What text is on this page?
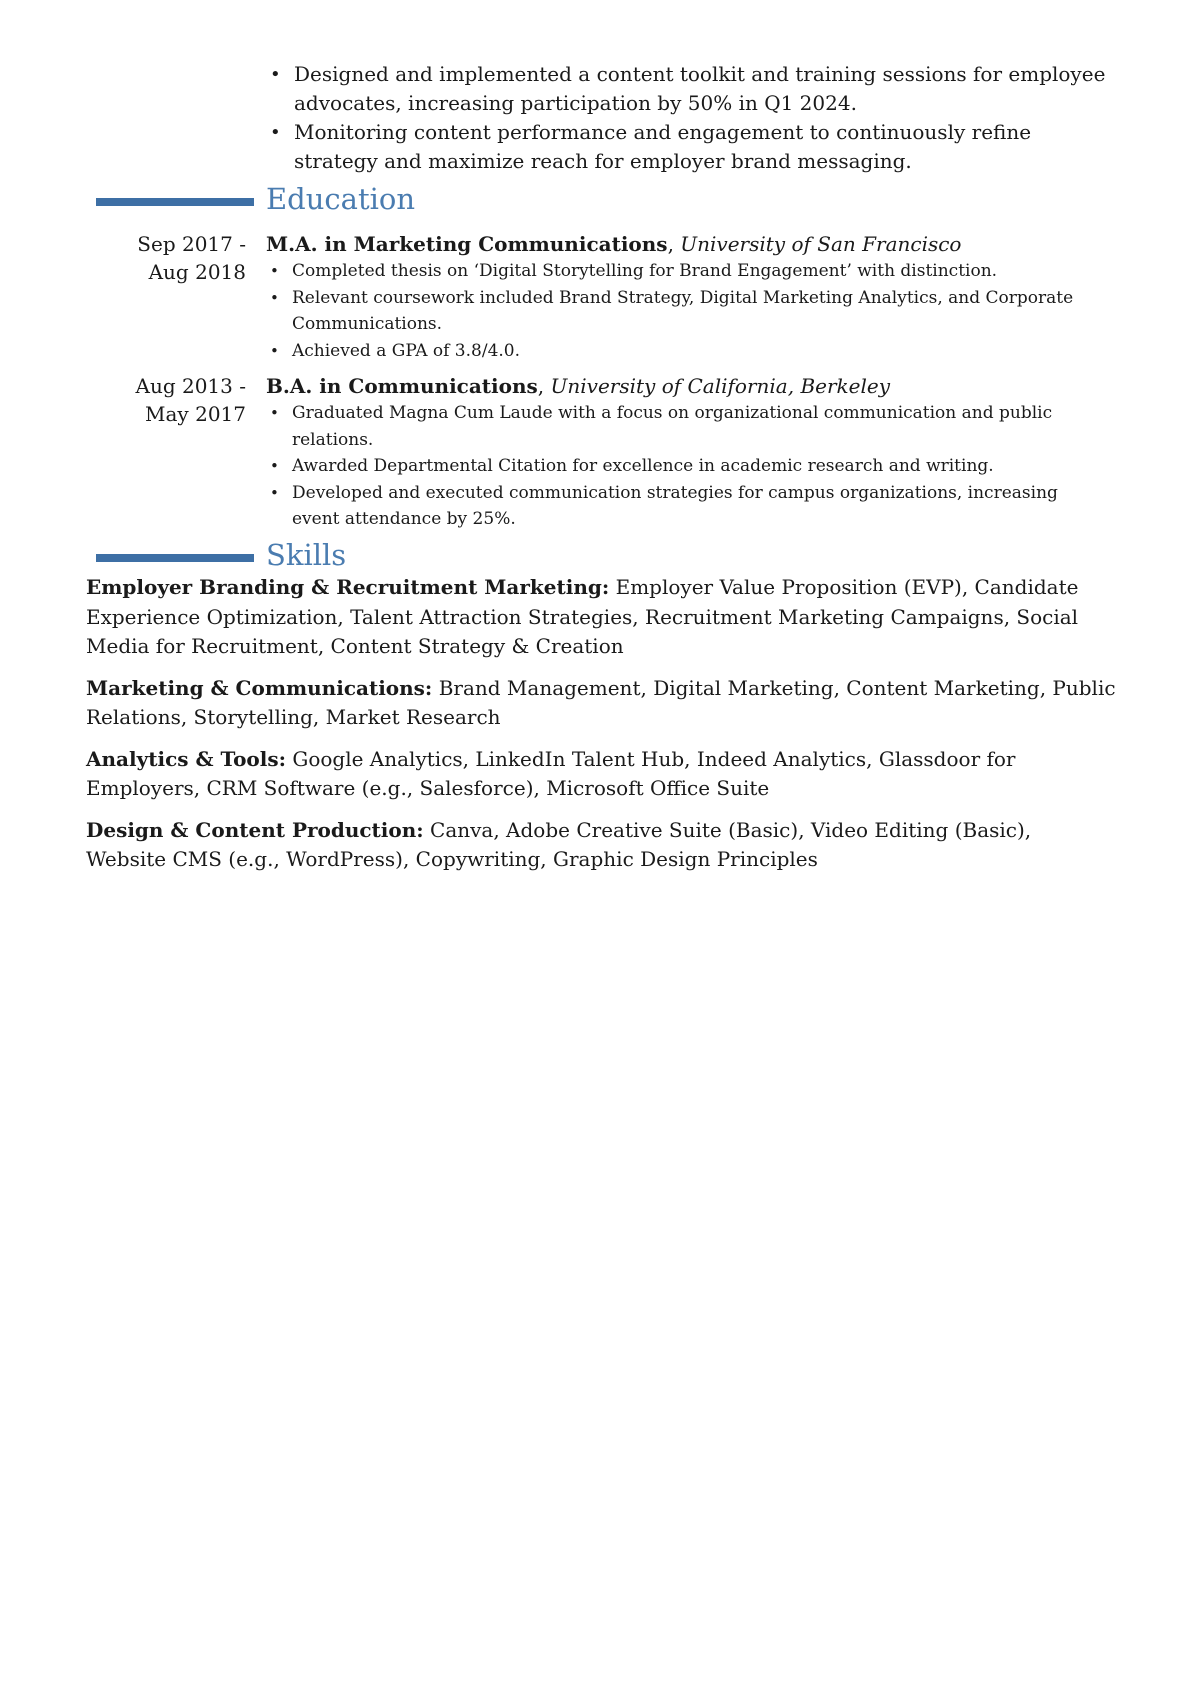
• Designed and implemented a content toolkit and training sessions for employee advocates, increasing participation by 50% in Q1 2024.
• Monitoring content performance and engagement to continuously refine strategy and maximize reach for employer brand messaging.
Education
Sep 2017 -
Aug 2018
M.A. in Marketing Communications, University of San Francisco
• Completed thesis on ‘Digital Storytelling for Brand Engagement’ with distinction.
• Relevant coursework included Brand Strategy, Digital Marketing Analytics, and Corporate Communications.
• Achieved a GPA of 3.8/4.0.
Aug 2013 -
May 2017
B.A. in Communications, University of California, Berkeley
• Graduated Magna Cum Laude with a focus on organizational communication and public relations.
• Awarded Departmental Citation for excellence in academic research and writing.
• Developed and executed communication strategies for campus organizations, increasing event attendance by 25%.
Skills

Employer Branding & Recruitment Marketing: Employer Value Proposition (EVP), Candidate Experience Optimization, Talent Attraction Strategies, Recruitment Marketing Campaigns, Social Media for Recruitment, Content Strategy & Creation

Marketing & Communications: Brand Management, Digital Marketing, Content Marketing, Public Relations, Storytelling, Market Research

Analytics & Tools: Google Analytics, LinkedIn Talent Hub, Indeed Analytics, Glassdoor for Employers, CRM Software (e.g., Salesforce), Microsoft Office Suite

Design & Content Production: Canva, Adobe Creative Suite (Basic), Video Editing (Basic), Website CMS (e.g., WordPress), Copywriting, Graphic Design Principles
